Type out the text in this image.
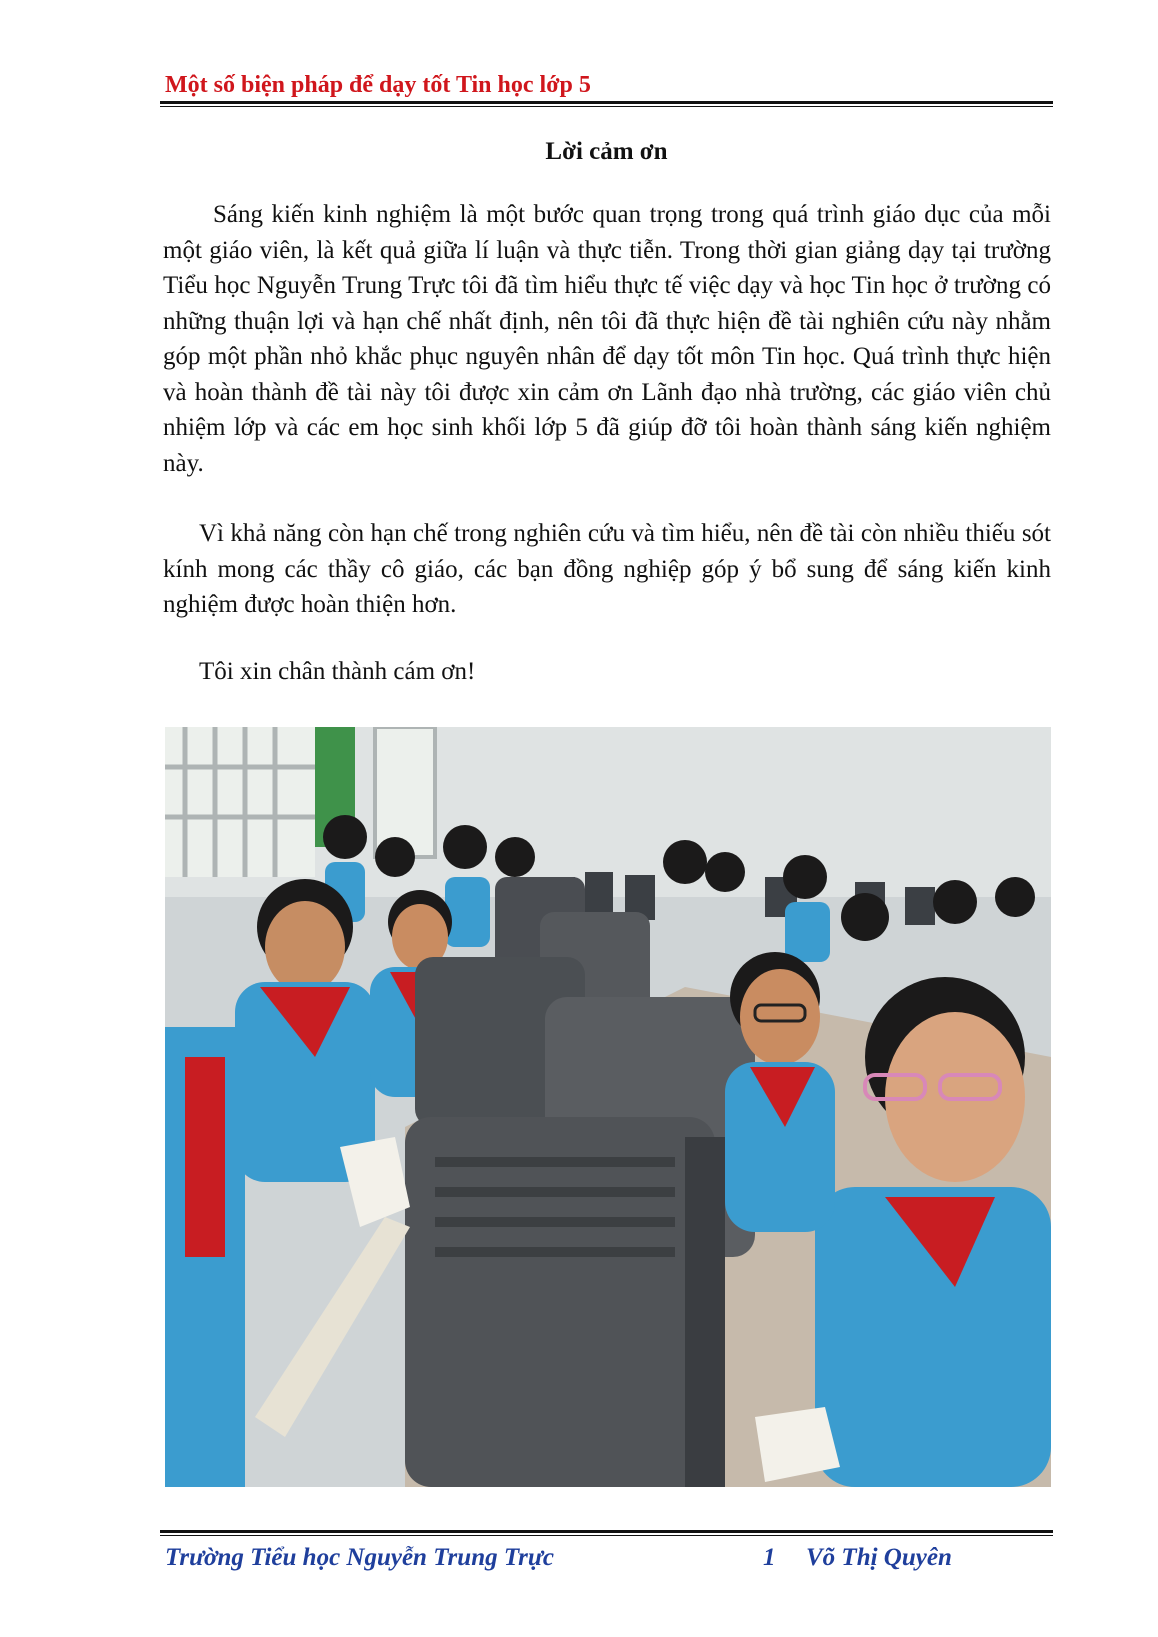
Một số biện pháp để dạy tốt Tin học lớp 5
Lời cảm ơn

Sáng kiến kinh nghiệm là một bước quan trọng trong quá trình giáo dục của mỗi một giáo viên, là kết quả giữa lí luận và thực tiễn. Trong thời gian giảng dạy tại trường Tiểu học Nguyễn Trung Trực tôi đã tìm hiểu thực tế việc dạy và học Tin học ở trường có những thuận lợi và hạn chế nhất định, nên tôi đã thực hiện đề tài nghiên cứu này nhằm góp một phần nhỏ khắc phục nguyên nhân để dạy tốt môn Tin học. Quá trình thực hiện và hoàn thành đề tài này tôi được xin cảm ơn Lãnh đạo nhà trường, các giáo viên chủ nhiệm lớp và các em học sinh khối lớp 5 đã giúp đỡ tôi hoàn thành sáng kiến nghiệm này.

Vì khả năng còn hạn chế trong nghiên cứu và tìm hiểu, nên đề tài còn nhiều thiếu sót kính mong các thầy cô giáo, các bạn đồng nghiệp góp ý bổ sung để sáng kiến kinh nghiệm được hoàn thiện hơn.

Tôi xin chân thành cám ơn!

Trường Tiểu học Nguyễn Trung Trực	1 Võ Thị Quyên
